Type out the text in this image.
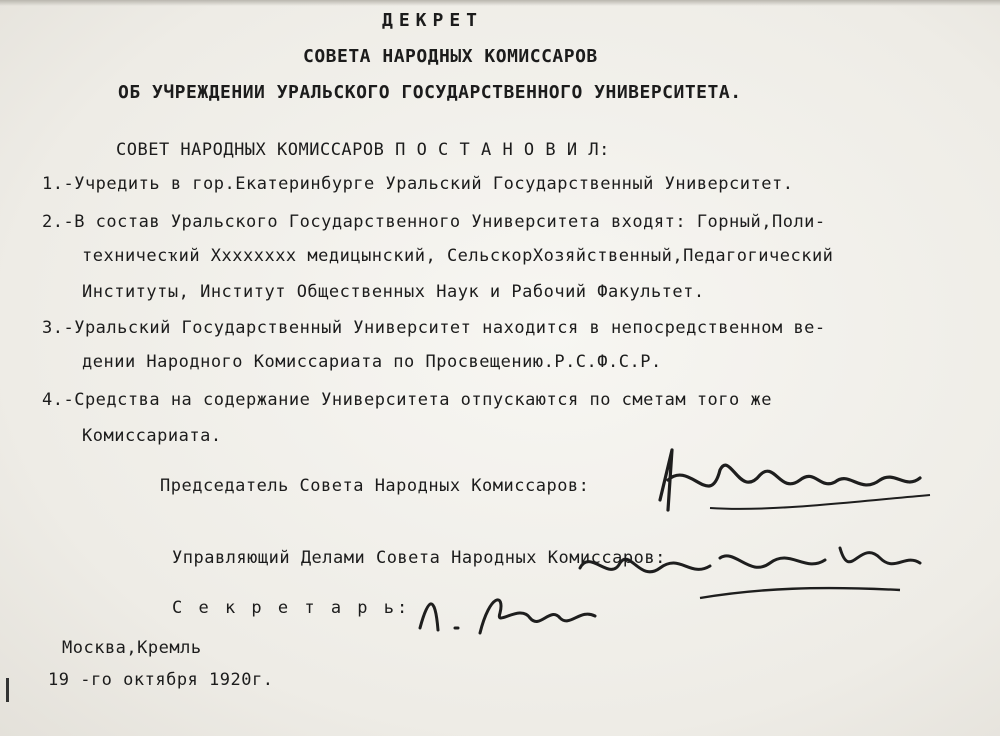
ДЕКРЕТ
СОВЕТА НАРОДНЫХ КОМИССАРОВ
ОБ УЧРЕЖДЕНИИ УРАЛЬСКОГО ГОСУДАРСТВЕННОГО УНИВЕРСИТЕТА.
СОВЕТ НАРОДНЫХ КОМИССАРОВ П О С Т А Н О В И Л:
1.-Учредить в гор.Екатеринбурге Уральский Государственный Университет.
2.-В состав Уральского Государственного Университета входят: Горный,Поли-
техничесҡий Xxxxxxxx медицынский, СельскорХозяйственный,Педагогический
Институты, Институт Общественных Наук и Рабочий Факультет.
3.-Уральский Государственный Университет находится в непосредственном ве-
дении Народного Комиссариата по Просвещению.Р.С.Ф.С.Р.
4.-Средства на содержание Университета отпускаются по сметам того же
Комиссариата.
Председатель Совета Народных Комиссаров:
Управляющий Делами Совета Народных Комиссаров:
С е к р е т а р ь:
Москва,Кремль
19 -го октября 1920г.
